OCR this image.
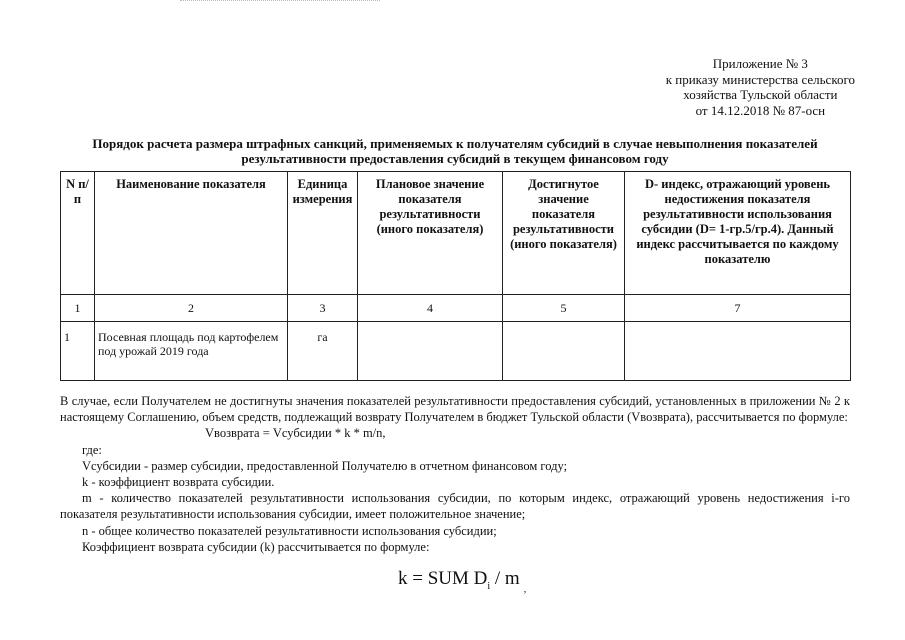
Приложение № 3
к приказу министерства сельского
хозяйства Тульской области
от 14.12.2018 № 87-осн
Порядок расчета размера штрафных санкций, применяемых к получателям субсидий в случае невыполнения показателей результативности предоставления субсидий в текущем финансовом году
N п/п	Наименование показателя	Единица измерения	Плановое значение показателя результативности (иного показателя)	Достигнутое значение показателя результативности (иного показателя)	D- индекс, отражающий уровень недостижения показателя результативности использования субсидии (D= 1-гр.5/гр.4). Данный индекс рассчитывается по каждому показателю
1	2	3	4	5	7
1	Посевная площадь под картофелем под урожай 2019 года	га			

В случае, если Получателем не достигнуты значения показателей результативности предоставления субсидий, установленных в приложении № 2 к настоящему Соглашению, объем средств, подлежащий возврату Получателем в бюджет Тульской области (Vвозврата), рассчитывается по формуле:

Vвозврата = Vсубсидии * k * m/n,

где:

Vсубсидии - размер субсидии, предоставленной Получателю в отчетном финансовом году;

k - коэффициент возврата субсидии.

m - количество показателей результативности использования субсидии, по которым индекс, отражающий уровень недостижения i-го показателя результативности использования субсидии, имеет положительное значение;

n - общее количество показателей результативности использования субсидии;

Коэффициент возврата субсидии (k) рассчитывается по формуле:

k = SUM $D_i / m_,$
